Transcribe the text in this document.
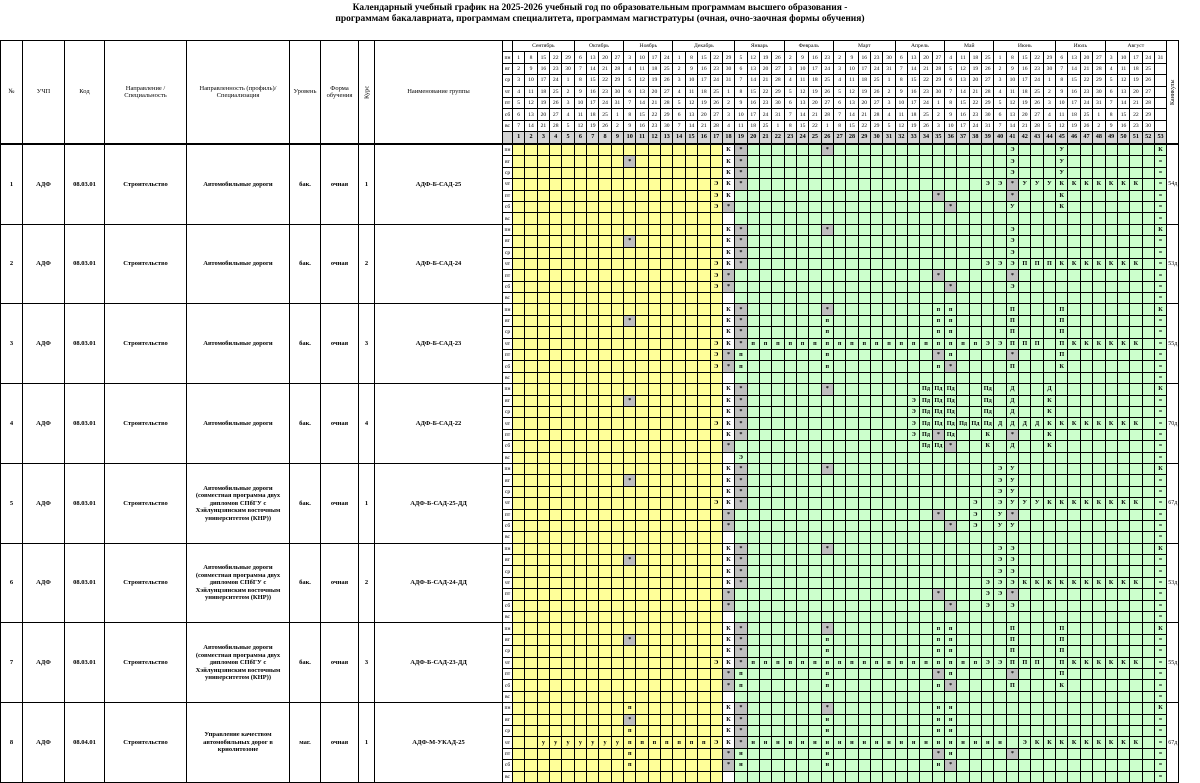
Календарный учебный график на 2025-2026 учебный год по образовательным программам высшего образования -
программам бакалавриата, программам специалитета, программам магистратуры (очная, очно-заочная формы обучения)
№	УЧП	Код	Направление / Специальность	Направленность (профиль)/ Специализация	Уровень	Форма обучения	Курс	Наименование группы		Сентябрь					Октябрь				Ноябрь				Декабрь					Январь				Февраль				Март					Апрель				Май				Июнь					Июль				Август					Каникулы
									пн	1	8	15	22	29	6	13	20	27	3	10	17	24	1	8	15	22	29	5	12	19	26	2	9	16	23	2	9	16	23	30	6	13	20	27	4	11	18	25	1	8	15	22	29	6	13	20	27	3	10	17	24	31	
									вт	2	9	16	23	30	7	14	21	28	4	11	18	25	2	9	16	23	30	6	13	20	27	3	10	17	24	3	10	17	24	31	7	14	21	28	5	12	19	26	2	9	16	23	30	7	14	21	28	4	11	18	25		
									ср	3	10	17	24	1	8	15	22	29	5	12	19	26	3	10	17	24	31	7	14	21	28	4	11	18	25	4	11	18	25	1	8	15	22	29	6	13	20	27	3	10	17	24	1	8	15	22	29	5	12	19	26		
									чт	4	11	18	25	2	9	16	23	30	6	13	20	27	4	11	18	25	1	8	15	22	29	5	12	19	26	5	12	19	26	2	9	16	23	30	7	14	21	28	4	11	18	25	2	9	16	23	30	6	13	20	27		
									пт	5	12	19	26	3	10	17	24	31	7	14	21	28	5	12	19	26	2	9	16	23	30	6	13	20	27	6	13	20	27	3	10	17	24	1	8	15	22	29	5	12	19	26	3	10	17	24	31	7	14	21	28		
									сб	6	13	20	27	4	11	18	25	1	8	15	22	29	6	13	20	27	3	10	17	24	31	7	14	21	28	7	14	21	28	4	11	18	25	2	9	16	23	30	6	13	20	27	4	11	18	25	1	8	15	22	29		
									вс	7	14	21	28	5	12	19	26	2	9	16	23	30	7	14	21	28	4	11	18	25	1	8	15	22	1	8	15	22	29	5	12	19	26	3	10	17	24	31	7	14	21	28	5	12	19	26	2	9	16	23	30		
										1	2	3	4	5	6	7	8	9	10	11	12	13	14	15	16	17	18	19	20	21	22	23	24	25	26	27	28	29	30	31	32	33	34	35	36	37	38	39	40	41	42	43	44	45	46	47	48	49	50	51	52	53	

1	АДФ	08.03.01	Строительство	Автомобильные дороги	бак.	очная	1	АДФ-Б-САД-25	пн																		К	*							*															Э				У								К	54д
									вт										*								К	*																						Э				У								=	
									ср																		К	*																						Э				У								=	
									чт																	Э	К	*																				Э	Э	*	У	У	У	К	К	К	К	К	К	К		=	
									пт																	Э	К																	*						*				К								=	
									сб																	Э	*																		*					У				К								=	
									вс																																																					=	
2	АДФ	08.03.01	Строительство	Автомобильные дороги	бак.	очная	2	АДФ-Б-САД-24	пн																		К	*							*															Э												К	53д
									вт										*								К	*																						Э												=	
									ср																		К	*																						Э												=	
									чт																	Э	К	*																				Э	Э	Э	П	П	П	К	К	К	К	К	К	К		=	
									пт																	Э	*																	*						*												=	
									сб																	Э	*																		*					Э												=	
									вс																																																					=	
3	АДФ	08.03.01	Строительство	Автомобильные дороги	бак.	очная	3	АДФ-Б-САД-23	пн																		К	*							*									п	п					П				П								К	55д
									вт										*								К	*							п									п	п					П				П								=	
									ср																		К	*							п									п	п					П				П								=	
									чт																	Э	К	*	п	п	п	п	п	п	п	п	п	п	п	п	п	п	п	п	п	п	п	Э	Э	П	П	П		П	К	К	К	К	К	К		=	
									пт																	Э	*	п							п									*	п					*				П								=	
									сб																	Э	*	п							п									п	*					П				К								=	
									вс																																																					=	
4	АДФ	08.03.01	Строительство	Автомобильные дороги	бак.	очная	4	АДФ-Б-САД-22	пн																		К	*							*								Пд	Пд	Пд			Пд		Д			Д									К	70д
									вт										*								К	*														Э	Пд	Пд	Пд			Пд		Д			К									=	
									ср																		К	*														Э	Пд	Пд	Пд			Пд		Д			К									=	
									чт																	Э	К	*														Э	Пд	Пд	Пд	Пд	Пд	Пд	Д	Д	Д	Д	К	К	К	К	К	К	К	К		=	
									пт																		К	*														Э	Пд	*	Пд			К		*			К									=	
									сб																		*																Пд	Пд	*			К		Д			К									=	
									вс																			Э																																		=	
5	АДФ	08.03.01	Строительство	Автомобильные дороги (совместная программа двух дипломов СПбГУ с Хэйлунцзянским восточным университетом (КНР))	бак.	очная	1	АДФ-Б-САД-25-ДД	пн																		К	*							*														Э	У												К	67д
									вт										*								К	*																					Э	У												=	
									ср																		К	*																					Э	У												=	
									чт																	Э	К	*																			Э		Э	У	У	У	К	К	К	К	К	К	К	К		=	
									пт																		*																	*			Э		У	*												=	
									сб																		*																		*		Э		У	У												=	
									вс																																																					=	
6	АДФ	08.03.01	Строительство	Автомобильные дороги (совместная программа двух дипломов СПбГУ с Хэйлунцзянским восточным университетом (КНР))	бак.	очная	2	АДФ-Б-САД-24-ДД	пн																		К	*							*														Э	Э												К	53д
									вт										*								К	*																					Э	Э												=	
									ср																		К	*																					Э	Э												=	
									чт																		К	*																				Э	Э	Э	К	К	К	К	К	К	К	К	К	К		=	
									пт																		*																	*				Э	Э	*												=	
									сб																		*																		*			Э		Э												=	
									вс																																																					=	
7	АДФ	08.03.01	Строительство	Автомобильные дороги (совместная программа двух дипломов СПбГУ с Хэйлунцзянским восточным университетом (КНР))	бак.	очная	3	АДФ-Б-САД-23-ДД	пн																		К	*							*									п	п					П				П								К	55д
									вт										*								К	*							п									п	п					П				П								=	
									ср																		К	*							п									п	п					П				П								=	
									чт																	Э	К	*	п	п	п	п	п	п	п	п	п	п	п	п	п	п	п	п	п	п	п	Э	Э	П	П	П		П	К	К	К	К	К	К		=	
									пт																		*	п							п									*	п					*				П								=	
									сб																		*	п							п									п	*					П				К								=	
									вс																																																					=	
8	АДФ	08.04.01	Строительство	Управление качеством автомобильных дорог в криолитозоне	маг.	очная	1	АДФ-М-УКАД-25	пн										п								К	*							*									н	н																	К	67д
									вт										*								К	*							н									н	н																	=	
									ср										п								К	*							н									н	н																	=	
									чт			у	у	у	у	у	у	у	п	п	п	п	п	п	п	Э	К	*	н	н	н	н	н	н	н	н	н	н	н	н	н	н	н	н	н	н	н	н	н		Э	К	К	К	К	К	К	К	К	К		=	
									пт										п								*	н							н									*	н					*												=	
									сб										п								*	н							н									н	*																	=	
									вс																																																					=	
